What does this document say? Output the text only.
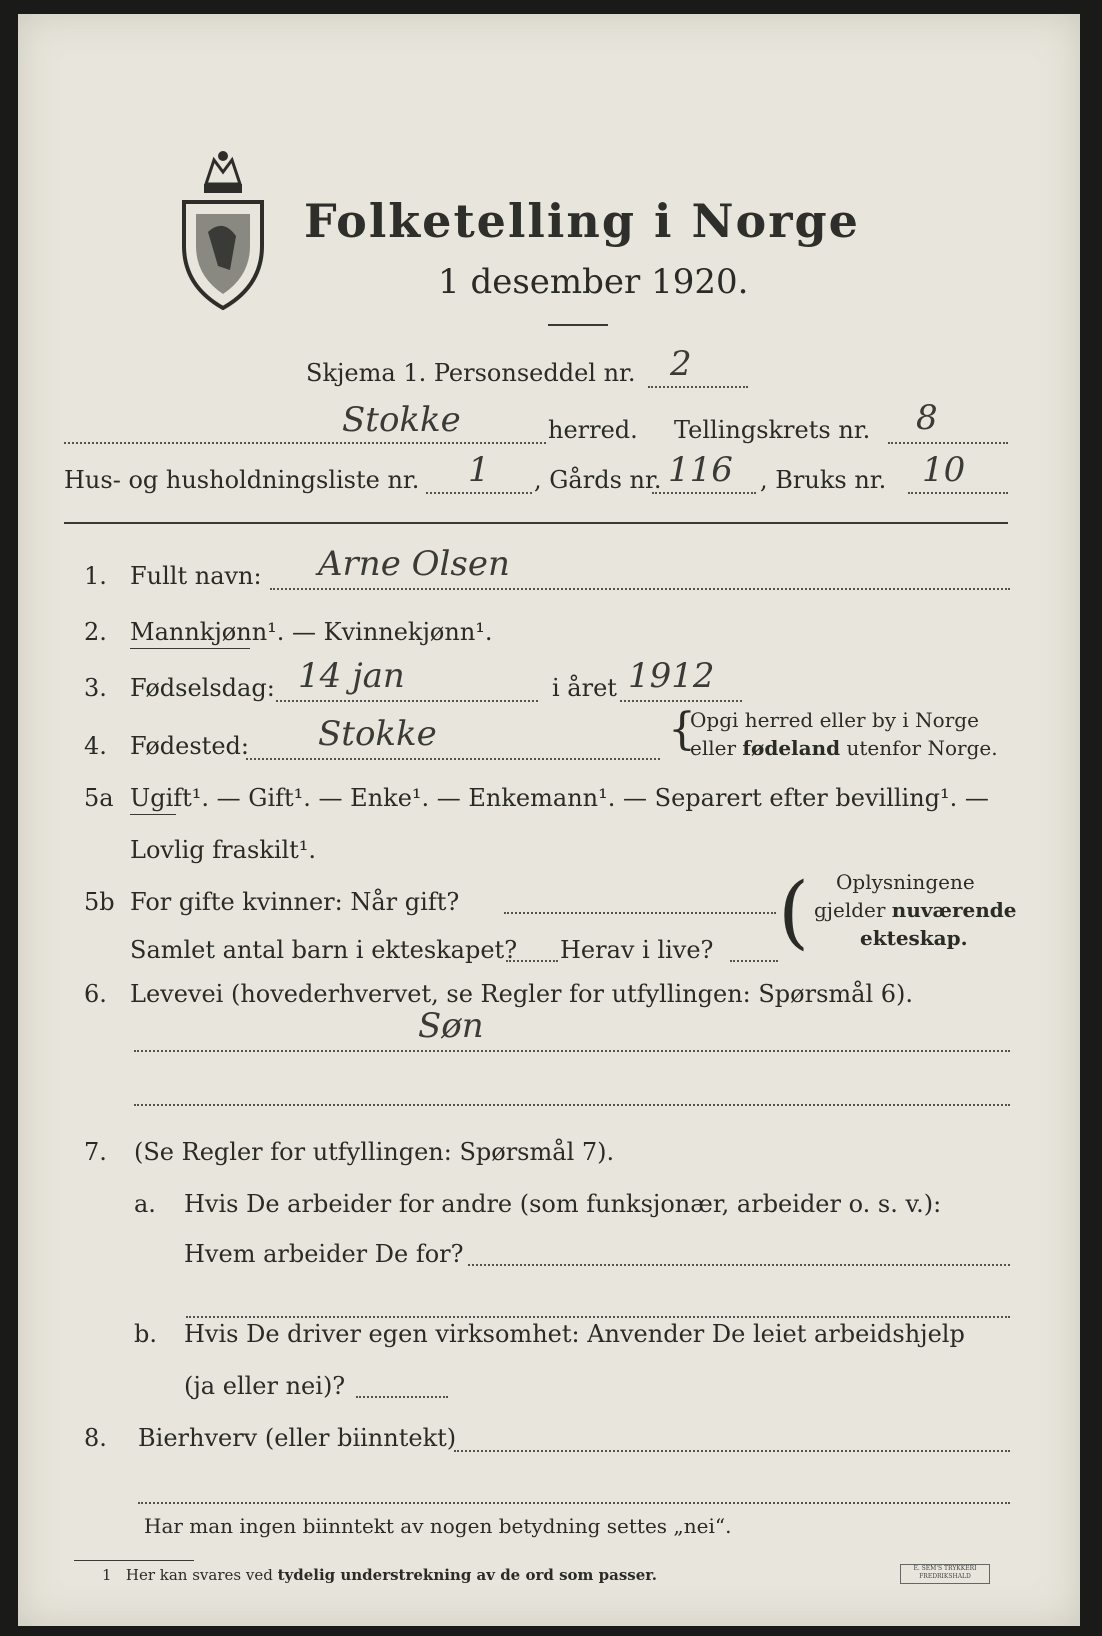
Folketelling i Norge
1 desember 1920.
Skjema 1. Personseddel nr. 2
Stokke	herred. Tellingskrets nr. 8
Hus- og husholdningsliste nr. 1 , Gårds nr. 116 , Bruks nr. 10
1. Fullt navn: Arne Olsen
2. Mannkjønn¹. — Kvinnekjønn¹.
3. Fødselsdag: 14 jan	i året 1912
4. Fødested: Stokke	{
Opgi herred eller by i Norge
eller fødeland utenfor Norge.
5a Ugift¹. — Gift¹. — Enke¹. — Enkemann¹. — Separert efter bevilling¹. —
Lovlig fraskilt¹.
5b For gifte kvinner: Når gift?
Samlet antal barn i ekteskapet? Herav i live? ( Oplysningene
gjelder nuværende
ekteskap.
6. Levevei (hovederhvervet, se Regler for utfyllingen: Spørsmål 6).
Søn
7. (Se Regler for utfyllingen: Spørsmål 7).
a. Hvis De arbeider for andre (som funksjonær, arbeider o. s. v.):
Hvem arbeider De for?
b. Hvis De driver egen virksomhet: Anvender De leiet arbeidshjelp
(ja eller nei)?
8. Bierhverv (eller biinntekt)
Har man ingen biinntekt av nogen betydning settes „nei“.
1 Her kan svares ved tydelig understrekning av de ord som passer.	E. SEM'S TRYKKERI
FREDRIKSHALD
